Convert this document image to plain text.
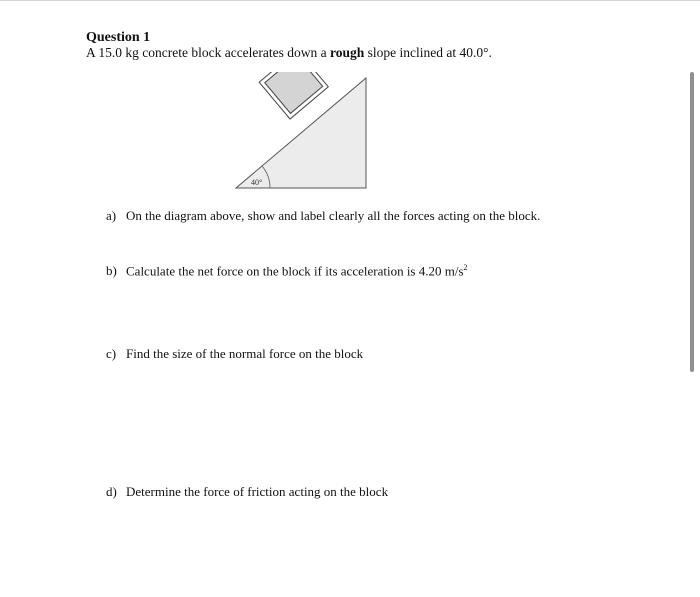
Question 1
A 15.0 kg concrete block accelerates down a rough slope inclined at 40.0°.
40°
a) On the diagram above, show and label clearly all the forces acting on the block.
b) Calculate the net force on the block if its acceleration is 4.20 $m/s^2$
c) Find the size of the normal force on the block
d) Determine the force of friction acting on the block
